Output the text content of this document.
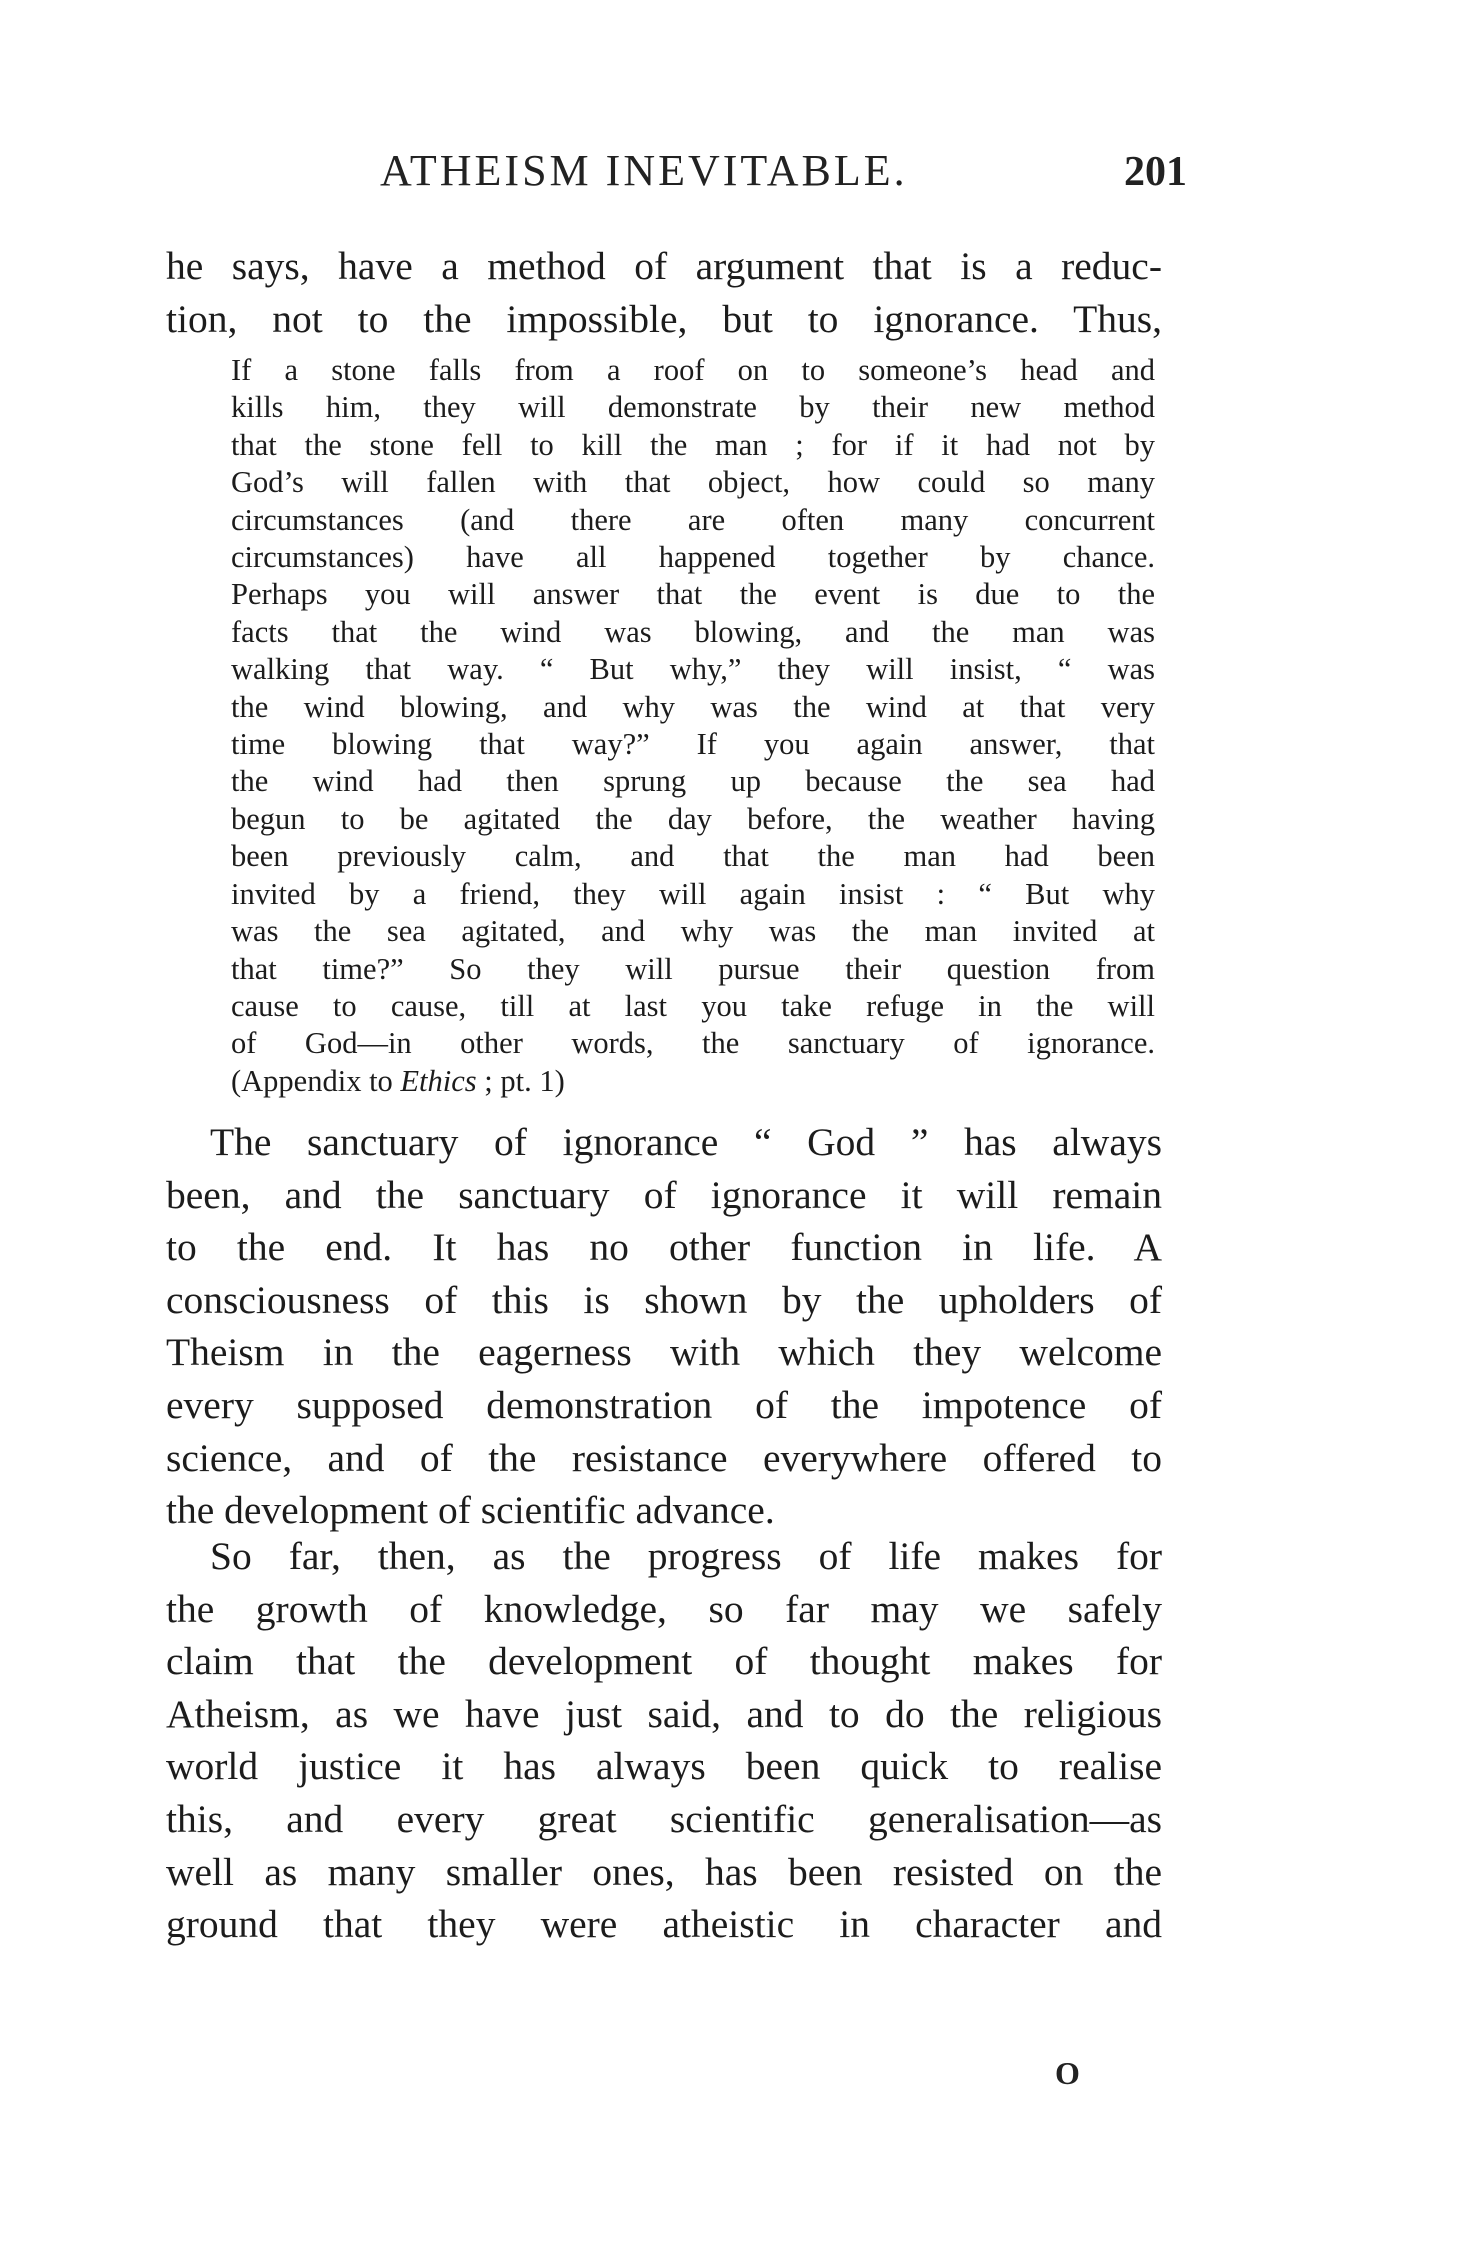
ATHEISM INEVITABLE.	201
he says, have a method of argument that is a reduc-
tion, not to the impossible, but to ignorance. Thus,
If a stone falls from a roof on to someone’s head and
kills him, they will demonstrate by their new method
that the stone fell to kill the man ; for if it had not by
God’s will fallen with that object, how could so many
circumstances (and there are often many concurrent
circumstances) have all happened together by chance.
Perhaps you will answer that the event is due to the
facts that the wind was blowing, and the man was
walking that way. “ But why,” they will insist, “ was
the wind blowing, and why was the wind at that very
time blowing that way?” If you again answer, that
the wind had then sprung up because the sea had
begun to be agitated the day before, the weather having
been previously calm, and that the man had been
invited by a friend, they will again insist : “ But why
was the sea agitated, and why was the man invited at
that time?” So they will pursue their question from
cause to cause, till at last you take refuge in the will
of God—in other words, the sanctuary of ignorance.
(Appendix to Ethics ; pt. 1)
The sanctuary of ignorance “ God ” has always
been, and the sanctuary of ignorance it will remain
to the end. It has no other function in life. A
consciousness of this is shown by the upholders of
Theism in the eagerness with which they welcome
every supposed demonstration of the impotence of
science, and of the resistance everywhere offered to
the development of scientific advance.
So far, then, as the progress of life makes for
the growth of knowledge, so far may we safely
claim that the development of thought makes for
Atheism, as we have just said, and to do the religious
world justice it has always been quick to realise
this, and every great scientific generalisation—as
well as many smaller ones, has been resisted on the
ground that they were atheistic in character and
O
